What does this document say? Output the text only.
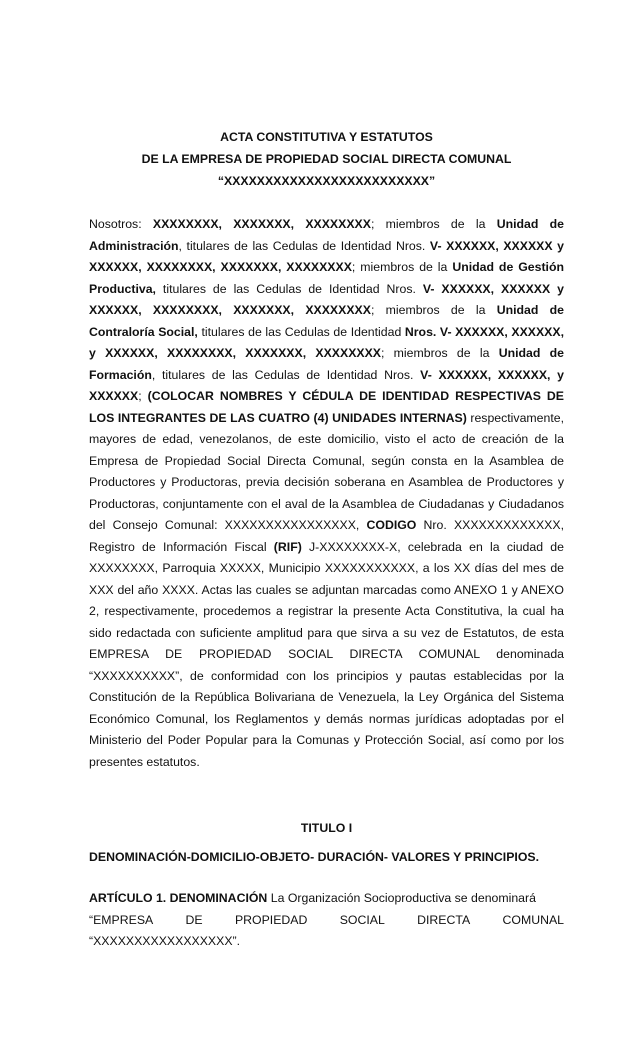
ACTA CONSTITUTIVA Y ESTATUTOS
DE LA EMPRESA DE PROPIEDAD SOCIAL DIRECTA COMUNAL
“XXXXXXXXXXXXXXXXXXXXXXXXX”
Nosotros: XXXXXXXX, XXXXXXX, XXXXXXXX; miembros de la Unidad de Administración, titulares de las Cedulas de Identidad Nros. V- XXXXXX, XXXXXX y XXXXXX, XXXXXXXX, XXXXXXX, XXXXXXXX; miembros de la Unidad de Gestión Productiva, titulares de las Cedulas de Identidad Nros. V- XXXXXX, XXXXXX y XXXXXX, XXXXXXXX, XXXXXXX, XXXXXXXX; miembros de la Unidad de Contraloría Social, titulares de las Cedulas de Identidad Nros. V- XXXXXX, XXXXXX, y XXXXXX, XXXXXXXX, XXXXXXX, XXXXXXXX; miembros de la Unidad de Formación, titulares de las Cedulas de Identidad Nros. V- XXXXXX, XXXXXX, y XXXXXX; (COLOCAR NOMBRES Y CÉDULA DE IDENTIDAD RESPECTIVAS DE LOS INTEGRANTES DE LAS CUATRO (4) UNIDADES INTERNAS) respectivamente, mayores de edad, venezolanos, de este domicilio, visto el acto de creación de la Empresa de Propiedad Social Directa Comunal, según consta en la Asamblea de Productores y Productoras, previa decisión soberana en Asamblea de Productores y Productoras, conjuntamente con el aval de la Asamblea de Ciudadanas y Ciudadanos del Consejo Comunal: XXXXXXXXXXXXXXXX, CODIGO Nro. XXXXXXXXXXXXX, Registro de Información Fiscal (RIF) J-XXXXXXXX-X, celebrada en la ciudad de XXXXXXXX, Parroquia XXXXX, Municipio XXXXXXXXXXX, a los XX días del mes de XXX del año XXXX. Actas las cuales se adjuntan marcadas como ANEXO 1 y ANEXO 2, respectivamente, procedemos a registrar la presente Acta Constitutiva, la cual ha sido redactada con suficiente amplitud para que sirva a su vez de Estatutos, de esta EMPRESA DE PROPIEDAD SOCIAL DIRECTA COMUNAL denominada “XXXXXXXXXX”, de conformidad con los principios y pautas establecidas por la Constitución de la República Bolivariana de Venezuela, la Ley Orgánica del Sistema Económico Comunal, los Reglamentos y demás normas jurídicas adoptadas por el Ministerio del Poder Popular para la Comunas y Protección Social, así como por los presentes estatutos.
TITULO I
DENOMINACIÓN-DOMICILIO-OBJETO- DURACIÓN- VALORES Y PRINCIPIOS.
ARTÍCULO 1. DENOMINACIÓN La Organización Socioproductiva se denominará
“EMPRESA	DE	PROPIEDAD	SOCIAL	DIRECTA	COMUNAL
“XXXXXXXXXXXXXXXXX”.
